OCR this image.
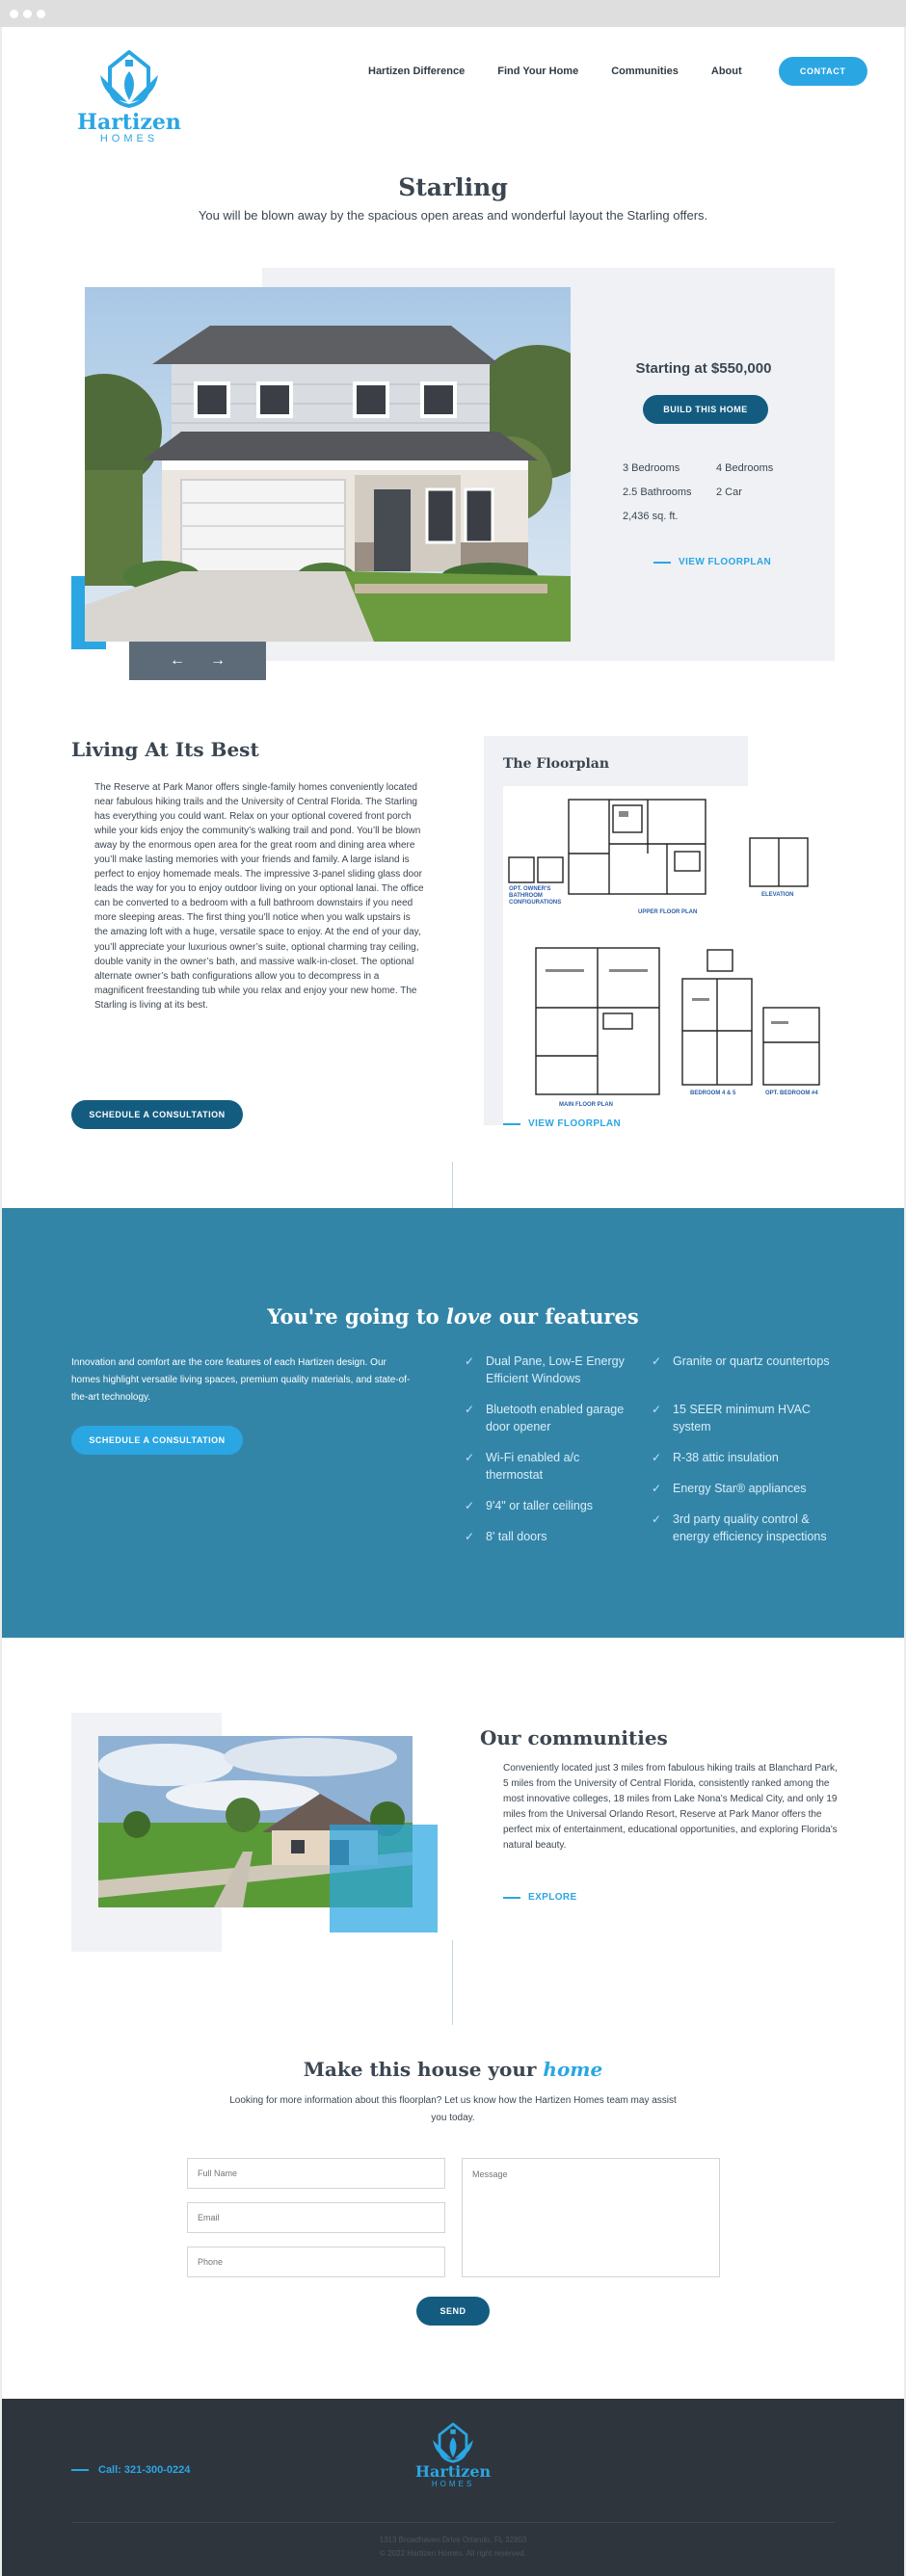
Hartizen
HOMES
Hartizen Difference	Find Your Home	Communities	About	CONTACT
Starling

You will be blown away by the spacious open areas and wonderful layout the Starling offers.

← →
Starting at $550,000
BUILD THIS HOME
3 Bedrooms	4 Bedrooms
2.5 Bathrooms 2 Car
2,436 sq. ft.
VIEW FLOORPLAN
Living At Its Best

The Reserve at Park Manor offers single-family homes conveniently located near fabulous hiking trails and the University of Central Florida. The Starling has everything you could want. Relax on your optional covered front porch while your kids enjoy the community’s walking trail and pond. You’ll be blown away by the enormous open area for the great room and dining area where you’ll make lasting memories with your friends and family. A large island is perfect to enjoy homemade meals. The impressive 3-panel sliding glass door leads the way for you to enjoy outdoor living on your optional lanai. The office can be converted to a bedroom with a full bathroom downstairs if you need more sleeping areas. The first thing you’ll notice when you walk upstairs is the amazing loft with a huge, versatile space to enjoy. At the end of your day, you’ll appreciate your luxurious owner’s suite, optional charming tray ceiling, double vanity in the owner’s bath, and massive walk-in-closet. The optional alternate owner’s bath configurations allow you to decompress in a magnificent freestanding tub while you relax and enjoy your new home. The Starling is living at its best.

SCHEDULE A CONSULTATION
The Floorplan
UPPER FLOOR PLAN
OPT. OWNER'S BATHROOM CONFIGURATIONS
ELEVATION
MAIN FLOOR PLAN
BEDROOM 4 & 5	OPT. BEDROOM #4
VIEW FLOORPLAN
You're going to love our features

Innovation and comfort are the core features of each Hartizen design. Our homes highlight versatile living spaces, premium quality materials, and state-of-the-art technology.

SCHEDULE A CONSULTATION
✓ Dual Pane, Low-E Energy Efficient Windows
✓ Bluetooth enabled garage door opener
✓ Wi-Fi enabled a/c thermostat
✓ 9'4" or taller ceilings
✓ 8' tall doors
✓ Granite or quartz countertops
✓ 15 SEER minimum HVAC system
✓ R-38 attic insulation
✓ Energy Star® appliances
✓ 3rd party quality control & energy efficiency inspections
Our communities

Conveniently located just 3 miles from fabulous hiking trails at Blanchard Park, 5 miles from the University of Central Florida, consistently ranked among the most innovative colleges, 18 miles from Lake Nona’s Medical City, and only 19 miles from the Universal Orlando Resort, Reserve at Park Manor offers the perfect mix of entertainment, educational opportunities, and exploring Florida’s natural beauty.

EXPLORE
Make this house your home

Looking for more information about this floorplan? Let us know how the Hartizen Homes team may assist you today.

Full Name
Email
Phone
Message
SEND
Call: 321-300-0224	Hartizen
HOMES
1313 Broadhaven Drive Orlando, FL 32803
© 2022 Hartizen Homes. All right reserved.
